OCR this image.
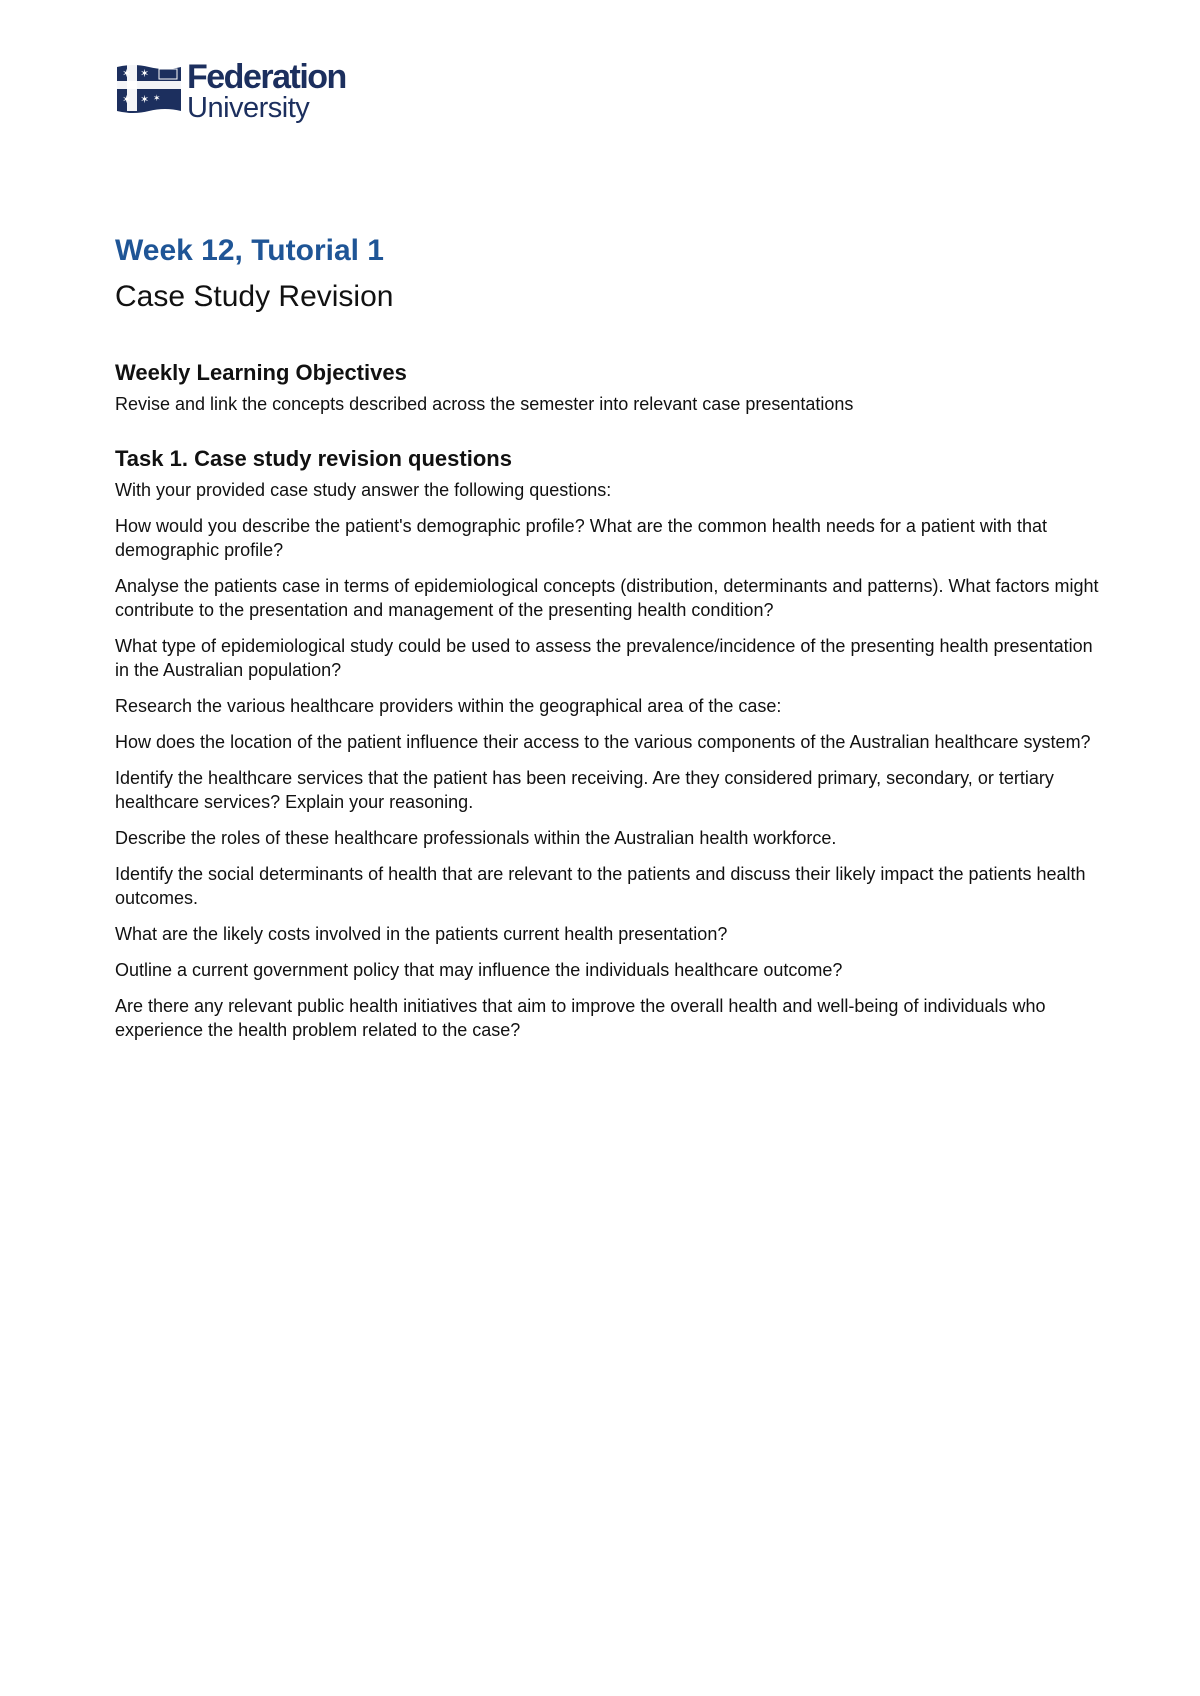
✶ ✶
✶ ✶ ✶
Federation
University
Week 12, Tutorial 1
Case Study Revision
Weekly Learning Objectives

Revise and link the concepts described across the semester into relevant case presentations

Task 1. Case study revision questions

With your provided case study answer the following questions:

How would you describe the patient's demographic profile? What are the common health needs for a patient with that demographic profile?
Analyse the patients case in terms of epidemiological concepts (distribution, determinants and patterns). What factors might contribute to the presentation and management of the presenting health condition?
What type of epidemiological study could be used to assess the prevalence/incidence of the presenting health presentation in the Australian population?
Research the various healthcare providers within the geographical area of the case:
How does the location of the patient influence their access to the various components of the Australian healthcare system?
Identify the healthcare services that the patient has been receiving. Are they considered primary, secondary, or tertiary healthcare services? Explain your reasoning.
Describe the roles of these healthcare professionals within the Australian health workforce.
Identify the social determinants of health that are relevant to the patients and discuss their likely impact the patients health outcomes.
What are the likely costs involved in the patients current health presentation?
Outline a current government policy that may influence the individuals healthcare outcome?
Are there any relevant public health initiatives that aim to improve the overall health and well-being of individuals who experience the health problem related to the case?
